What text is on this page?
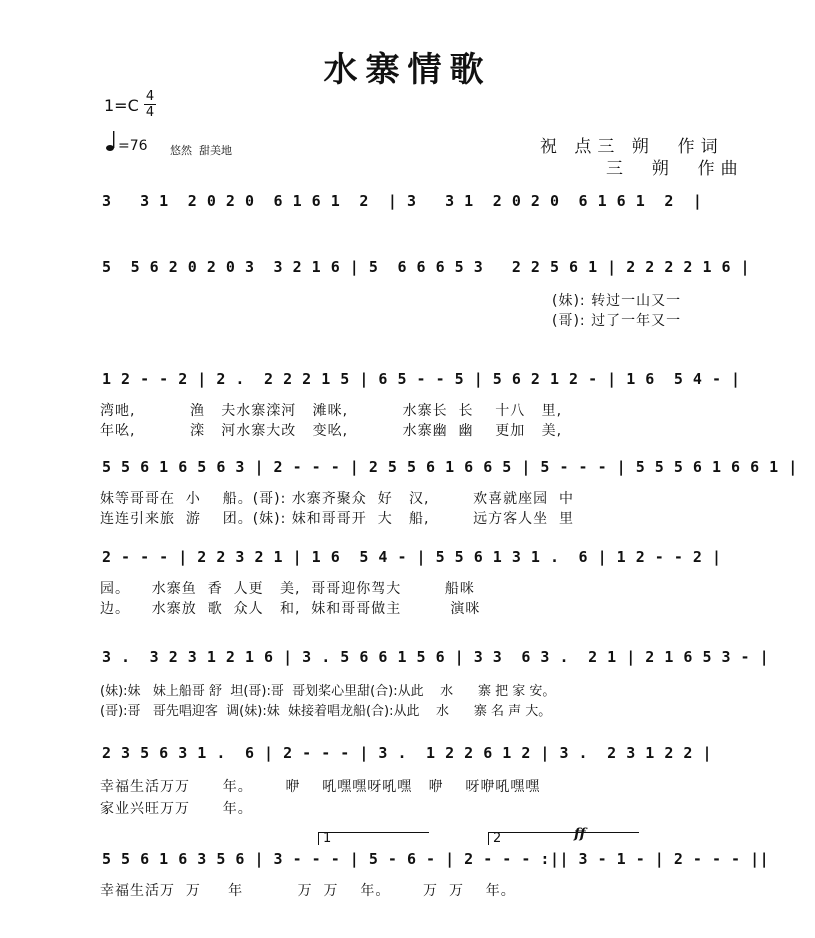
水寨情歌
1=C 4
4
=76 悠然  甜美地	祝 点三 朔  作词
三  朔  作曲
3   3 1  2 0 2 0  6 1 6 1  2  | 3   3 1  2 0 2 0  6 1 6 1  2  |
5  5 6 2 0 2 0 3  3 2 1 6 | 5  6 6 6 5 3   2 2 5 6 1 | 2 2 2 2 1 6 |
(妹): 转过一山又一
(哥): 过了一年又一
1 2 - - 2 | 2 .  2 2 2 1 5 | 6 5 - - 5 | 5 6 2 1 2 - | 1 6  5 4 - |
湾吔,          渔   夫水寨滦河   滩咪,          水寨长  长    十八   里,
年吆,          滦   河水寨大改   变吆,          水寨幽  幽    更加   美,
5 5 6 1 6 5 6 3 | 2 - - - | 2 5 5 6 1 6 6 5 | 5 - - - | 5 5 5 6 1 6 6 1 |
妹等哥哥在  小    船。(哥): 水寨齐聚众  好   汉,        欢喜就座园  中
连连引来旅  游    团。(妹): 妹和哥哥开  大   船,        远方客人坐  里
2 - - - | 2 2 3 2 1 | 1 6  5 4 - | 5 5 6 1 3 1 .  6 | 1 2 - - 2 |
园。    水寨鱼  香  人更   美,  哥哥迎你驾大        船咪
边。    水寨放  歌  众人   和,  妹和哥哥做主         演咪
3 .  3 2 3 1 2 1 6 | 3 . 5 6 6 1 5 6 | 3 3  6 3 .  2 1 | 2 1 6 5 3 - |
(妹):妹   妹上船哥 舒  坦(哥):哥  哥划桨心里甜(合):从此    水      寨 把 家 安。
(哥):哥   哥先唱迎客  调(妹):妹  妹接着唱龙船(合):从此    水      寨 名 声 大。
2 3 5 6 3 1 .  6 | 2 - - - | 3 .  1 2 2 6 1 2 | 3 .  2 3 1 2 2 |
幸福生活万万      年。      咿    吼嘿嘿呀吼嘿   咿    呀咿吼嘿嘿
家业兴旺万万      年。
1	2	ff
5 5 6 1 6 3 5 6 | 3 - - - | 5 - 6 - | 2 - - - :|| 3 - 1 - | 2 - - - ||
幸福生活万  万     年          万  万    年。      万  万    年。
